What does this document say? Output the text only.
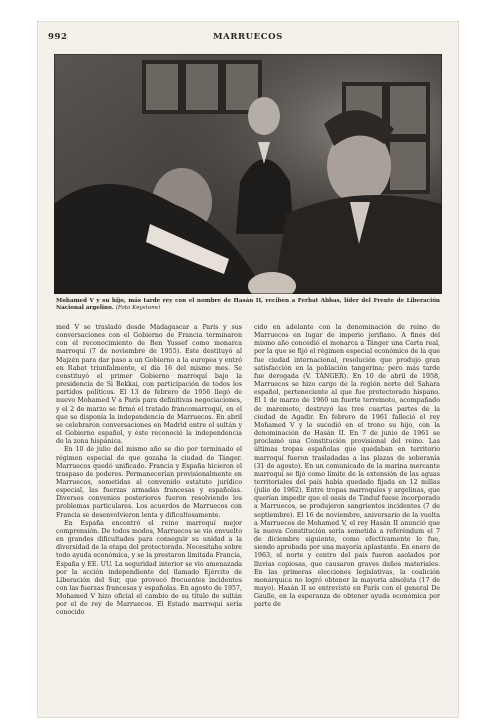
992	MARRUECOS
Mohamed V y su hijo, más tarde rey con el nombre de Hasán II, reciben a Ferhat Abbas, líder del Frente de Liberación Nacional argelino. (Foto Keystone)

med V se trasladó desde Madagascar a París y sus conversaciones con el Gobierno de Francia terminaron con el reconocimiento de Ben Yussef como monarca marroquí (7 de noviembre de 1955). Este destituyó al Majzén para dar paso a un Gobierno a la europea y entró en Rabat triunfalmente, el día 16 del mismo mes. Se constituyó el primer Gobierno marroquí bajo la presidencia de Si Bekkai, con participación de todos los partidos políticos. El 13 de febrero de 1956 llegó de nuevo Mohamed V a París para definitivas negociaciones, y el 2 de marzo se firmó el tratado francomarroquí, en el que se disponía la independencia de Marruecos. En abril se celebraron conversaciones en Madrid entre el sultán y el Gobierno español, y éste reconoció la independencia de la zona hispánica.

En 10 de julio del mismo año se dio por terminado el régimen especial de que gozaba la ciudad de Tánger. Marruecos quedó unificado. Francia y España hicieron el traspaso de poderes. Permanecerían provisionalmente en Marruecos, sometidas al convenido estatuto jurídico especial, las fuerzas armadas francesas y españolas. Diversos convenios posteriores fueron resolviendo los problemas particulares. Los acuerdos de Marruecos con Francia se desenvolvieron lenta y dificultosamente.

En España encontró el reino marroquí mejor comprensión. De todos modos, Marruecos se vio envuelto en grandes dificultades para conseguir su unidad a la diversidad de la etapa del protectorado. Necesitaba sobre todo ayuda económica, y se la prestaron limitada Francia, España y EE. UU. La seguridad interior se vio amenazada por la acción independiente del llamado Ejército de Liberación del Sur, que provocó frecuentes incidentes con las fuerzas francesas y españolas. En agosto de 1957, Mohamed V hizo oficial el cambio de su título de sultán por el de rey de Marruecos. El Estado marroquí sería conocido

cido en adelante con la denominación de reino de Marruecos en lugar de imperio jerifiano. A fines del mismo año concedió el monarca a Tánger una Carta real, por la que se fijó el régimen especial económico de la que fue ciudad internacional, resolución que produjo gran satisfacción en la población tangerina; pero más tarde fue derogada (V. TÁNGER). En 10 de abril de 1958, Marruecos se hizo cargo de la región norte del Sahara español, perteneciente al que fue protectorado hispano. El 1 de marzo de 1960 un fuerte terremoto, acompañado de maremoto, destruyó las tres cuartas partes de la ciudad de Agadir. En febrero de 1961 falleció el rey Mohamed V y le sucedió en el trono su hijo, con la denominación de Hasán II. En 7 de junio de 1961 se proclamó una Constitución provisional del reino. Las últimas tropas españolas que quedaban en territorio marroquí fueron trasladadas a las plazas de soberanía (31 de agosto). En un comunicado de la marina mercante marroquí se fijó como límite de la extensión de las aguas territoriales del país había quedado fijada en 12 millas (julio de 1962). Entre tropas marroquíes y argelinas, que querían impedir que el oasis de Tinduf fuese incorporado a Marruecos, se produjeron sangrientos incidentes (7 de septiembre). El 16 de noviembre, aniversario de la vuelta a Marruecos de Mohamed V, el rey Hasán II anunció que la nueva Constitución sería sometida a referéndum el 7 de diciembre siguiente, como efectivamente lo fue, siendo aprobada por una mayoría aplastante. En enero de 1963, el norte y centro del país fueron asolados por lluvias copiosas, que causaron graves daños materiales. En las primeras elecciones legislativas, la coalición monárquica no logró obtener la mayoría absoluta (17 de mayo). Hasán II se entrevistó en París con el general De Gaulle, en la esperanza de obtener ayuda económica por parte de
